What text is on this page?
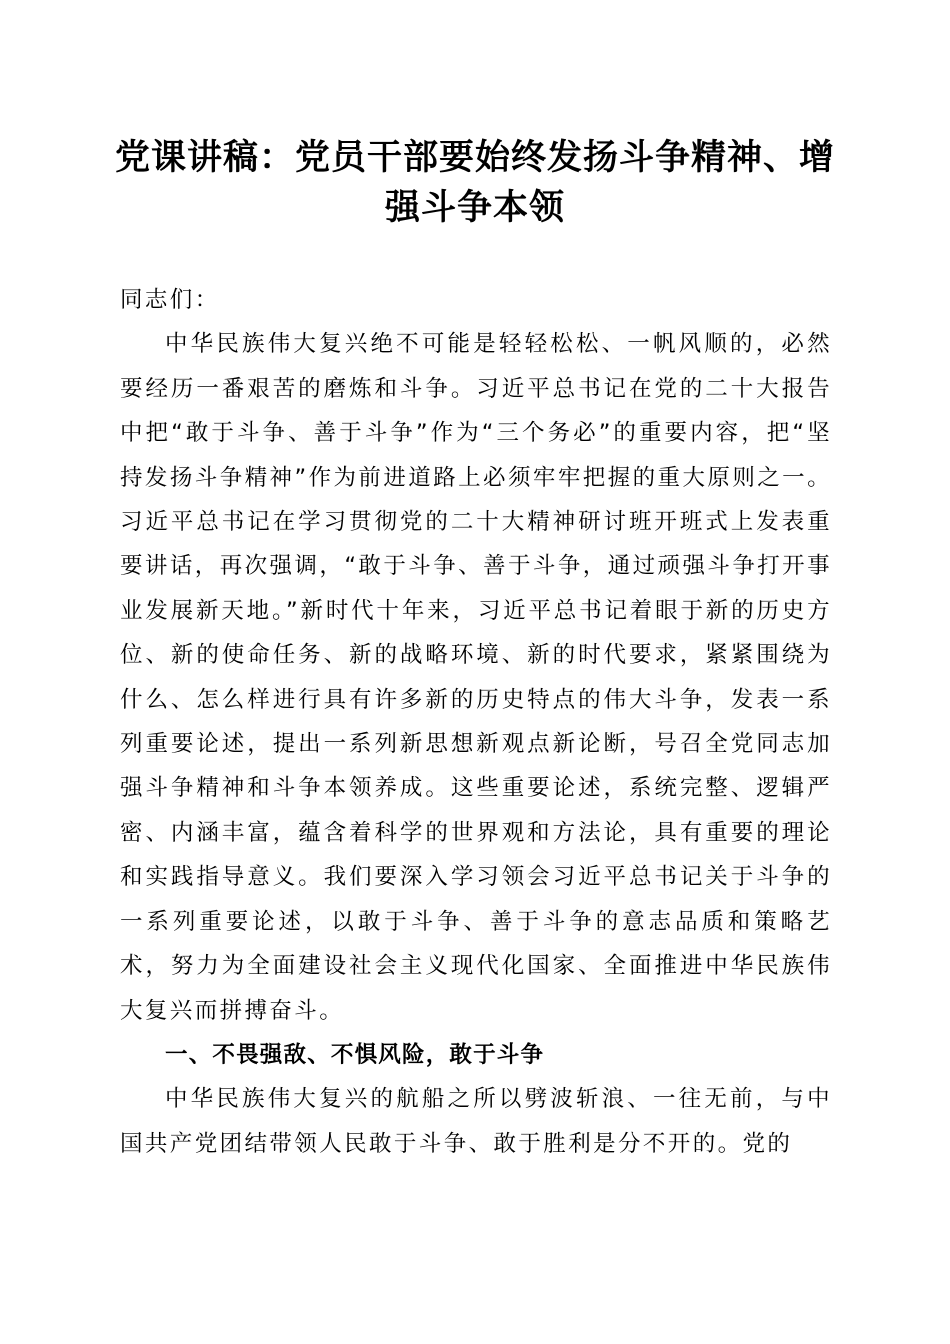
党课讲稿：党员干部要始终发扬斗争精神、增
强斗争本领

同志们：

中华民族伟大复兴绝不可能是轻轻松松、一帆风顺的，必然要经历一番艰苦的磨炼和斗争。习近平总书记在党的二十大报告中把“敢于斗争、善于斗争”作为“三个务必”的重要内容，把“坚持发扬斗争精神”作为前进道路上必须牢牢把握的重大原则之一。习近平总书记在学习贯彻党的二十大精神研讨班开班式上发表重要讲话，再次强调，“敢于斗争、善于斗争，通过顽强斗争打开事业发展新天地。”新时代十年来，习近平总书记着眼于新的历史方位、新的使命任务、新的战略环境、新的时代要求，紧紧围绕为什么、怎么样进行具有许多新的历史特点的伟大斗争，发表一系列重要论述，提出一系列新思想新观点新论断，号召全党同志加强斗争精神和斗争本领养成。这些重要论述，系统完整、逻辑严密、内涵丰富，蕴含着科学的世界观和方法论，具有重要的理论和实践指导意义。我们要深入学习领会习近平总书记关于斗争的一系列重要论述，以敢于斗争、善于斗争的意志品质和策略艺术，努力为全面建设社会主义现代化国家、全面推进中华民族伟大复兴而拼搏奋斗。

一、不畏强敌、不惧风险，敢于斗争

中华民族伟大复兴的航船之所以劈波斩浪、一往无前，与中国共产党团结带领人民敢于斗争、敢于胜利是分不开的。党的
